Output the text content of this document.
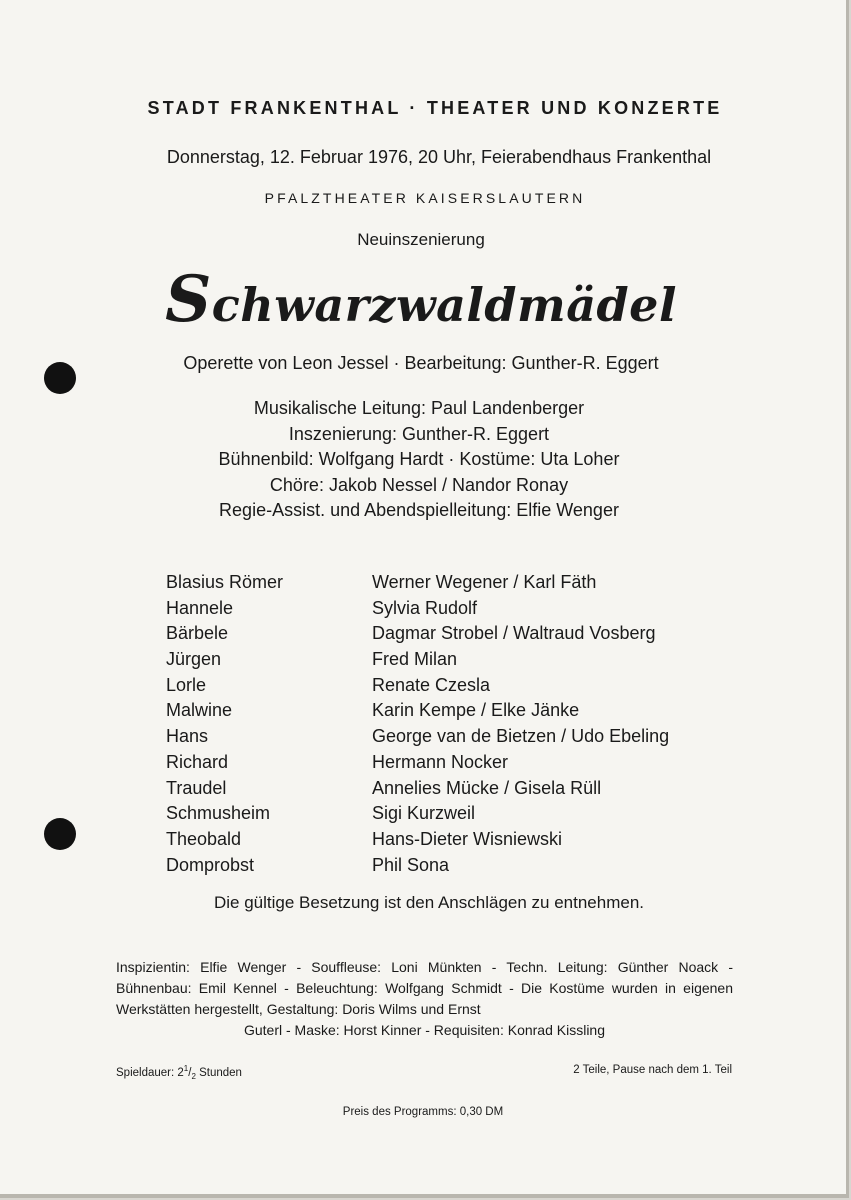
STADT FRANKENTHAL · THEATER UND KONZERTE
Donnerstag, 12. Februar 1976, 20 Uhr, Feierabendhaus Frankenthal
PFALZTHEATER KAISERSLAUTERN
Neuinszenierung
Schwarzwaldmädel
Operette von Leon Jessel · Bearbeitung: Gunther-R. Eggert
Musikalische Leitung: Paul Landenberger
Inszenierung: Gunther-R. Eggert
Bühnenbild: Wolfgang Hardt · Kostüme: Uta Loher
Chöre: Jakob Nessel / Nandor Ronay
Regie-Assist. und Abendspielleitung: Elfie Wenger
Blasius Römer	Werner Wegener / Karl Fäth
Hannele	Sylvia Rudolf
Bärbele	Dagmar Strobel / Waltraud Vosberg
Jürgen	Fred Milan
Lorle	Renate Czesla
Malwine	Karin Kempe / Elke Jänke
Hans	George van de Bietzen / Udo Ebeling
Richard	Hermann Nocker
Traudel	Annelies Mücke / Gisela Rüll
Schmusheim	Sigi Kurzweil
Theobald	Hans-Dieter Wisniewski
Domprobst	Phil Sona
Die gültige Besetzung ist den Anschlägen zu entnehmen.
Inspizientin: Elfie Wenger - Souffleuse: Loni Münkten - Techn. Leitung: Günther Noack - Bühnenbau: Emil Kennel - Beleuchtung: Wolfgang Schmidt - Die Kostüme wurden in eigenen Werkstätten hergestellt, Gestaltung: Doris Wilms und Ernst
Guterl - Maske: Horst Kinner - Requisiten: Konrad Kissling
Spieldauer: $2^1/_2$ Stunden	2 Teile, Pause nach dem 1. Teil
Preis des Programms: 0,30 DM
